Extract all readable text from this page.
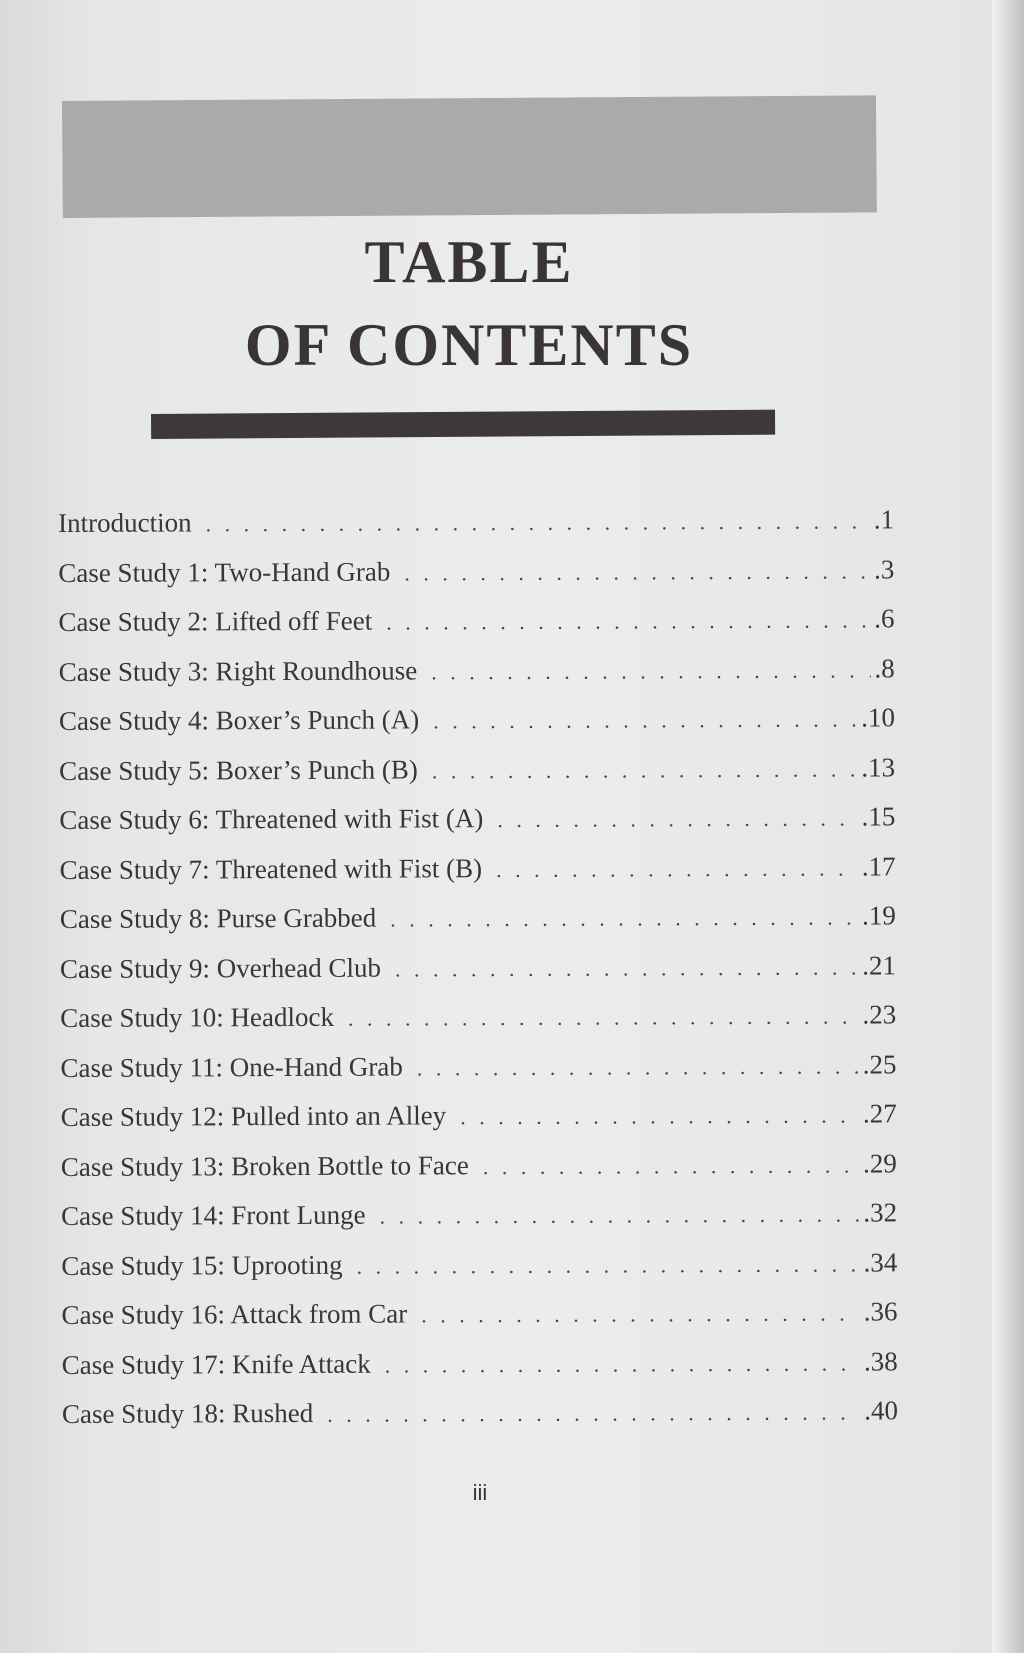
TABLE
OF CONTENTS
Introduction . . .	.1
Case Study 1: Two-Hand Grab . . .	.3
Case Study 2: Lifted off Feet . . .	.6
Case Study 3: Right Roundhouse . . .	.8
Case Study 4: Boxer’s Punch (A) . . .	.10
Case Study 5: Boxer’s Punch (B) . . .	.13
Case Study 6: Threatened with Fist (A) . . .	.15
Case Study 7: Threatened with Fist (B) . . .	.17
Case Study 8: Purse Grabbed . . .	.19
Case Study 9: Overhead Club . . .	.21
Case Study 10: Headlock . . .	.23
Case Study 11: One-Hand Grab . . .	.25
Case Study 12: Pulled into an Alley . . .	.27
Case Study 13: Broken Bottle to Face . . .	.29
Case Study 14: Front Lunge . . .	.32
Case Study 15: Uprooting . . .	.34
Case Study 16: Attack from Car . . .	.36
Case Study 17: Knife Attack . . .	.38
Case Study 18: Rushed . . .	.40
iii
